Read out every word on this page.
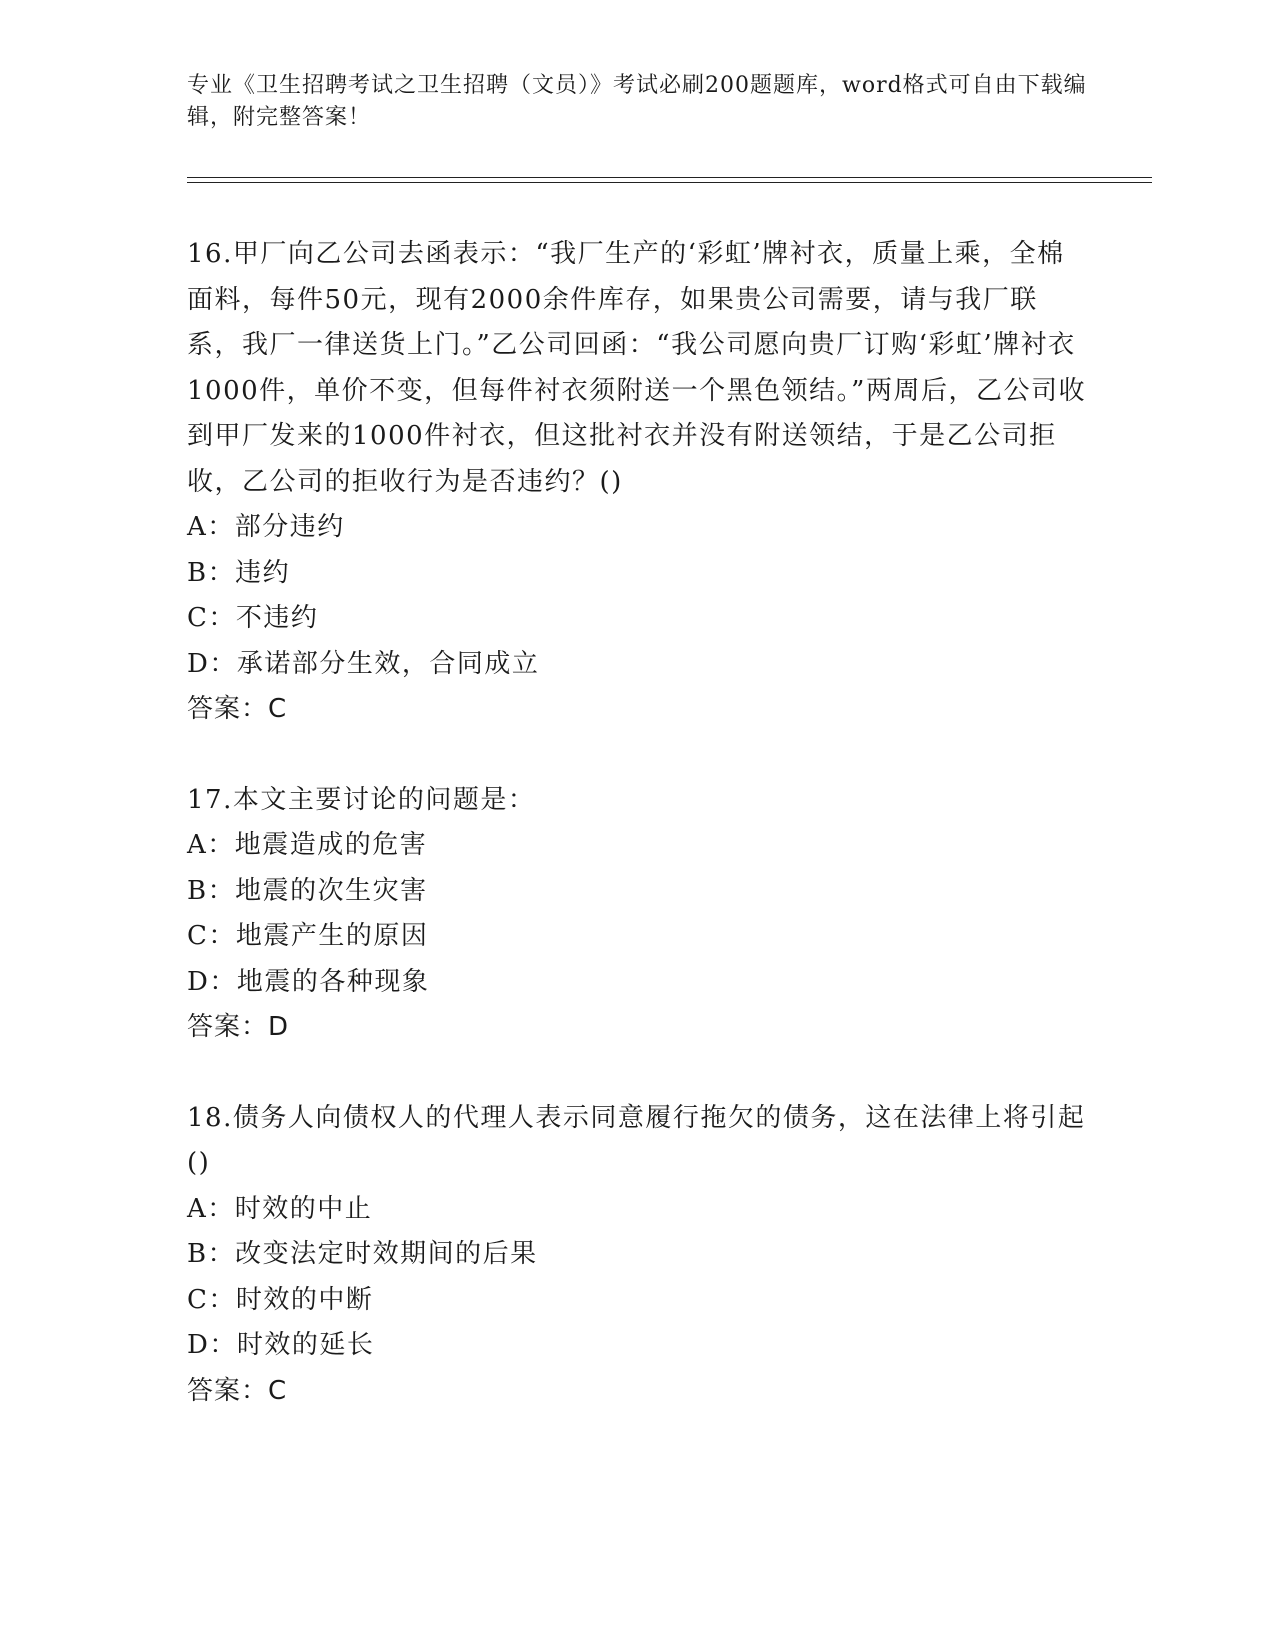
专业《卫生招聘考试之卫生招聘（文员）》考试必刷200题题库，word格式可自由下载编辑，附完整答案！

16.甲厂向乙公司去函表示：“我厂生产的‘彩虹’牌衬衣，质量上乘，全棉面料，每件50元，现有2000余件库存，如果贵公司需要，请与我厂联系，我厂一律送货上门。”乙公司回函：“我公司愿向贵厂订购‘彩虹’牌衬衣1000件，单价不变，但每件衬衣须附送一个黑色领结。”两周后，乙公司收到甲厂发来的1000件衬衣，但这批衬衣并没有附送领结，于是乙公司拒收，乙公司的拒收行为是否违约？()

A：部分违约

B：违约

C：不违约

D：承诺部分生效，合同成立

答案：C

17.本文主要讨论的问题是：

A：地震造成的危害

B：地震的次生灾害

C：地震产生的原因

D：地震的各种现象

答案：D

18.债务人向债权人的代理人表示同意履行拖欠的债务，这在法律上将引起()

A：时效的中止

B：改变法定时效期间的后果

C：时效的中断

D：时效的延长

答案：C
